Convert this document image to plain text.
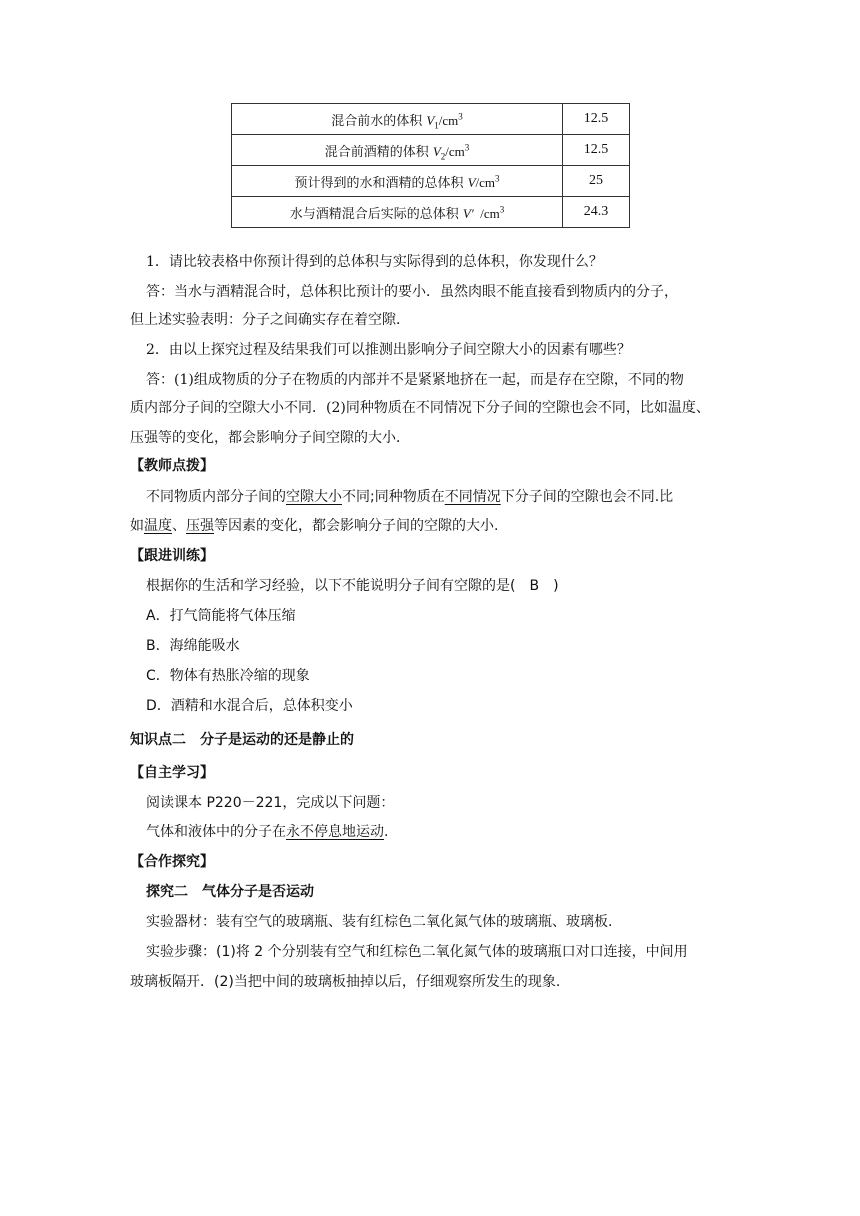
混合前水的体积 $V_1/cm^3$	12.5
混合前酒精的体积 $V_2/cm^3$	12.5
预计得到的水和酒精的总体积 $V/cm^3$	25
水与酒精混合后实际的总体积 V′  $/cm^3$	24.3
1．请比较表格中你预计得到的总体积与实际得到的总体积，你发现什么？
答：当水与酒精混合时，总体积比预计的要小．虽然肉眼不能直接看到物质内的分子，
但上述实验表明：分子之间确实存在着空隙．
2．由以上探究过程及结果我们可以推测出影响分子间空隙大小的因素有哪些？
答：(1)组成物质的分子在物质的内部并不是紧紧地挤在一起，而是存在空隙，不同的物
质内部分子间的空隙大小不同．(2)同种物质在不同情况下分子间的空隙也会不同，比如温度、
压强等的变化，都会影响分子间空隙的大小．
【教师点拨】
不同物质内部分子间的空隙大小不同;同种物质在不同情况下分子间的空隙也会不同.比
如温度、压强等因素的变化，都会影响分子间的空隙的大小.
【跟进训练】
根据你的生活和学习经验，以下不能说明分子间有空隙的是(　B　)
A．打气筒能将气体压缩
B．海绵能吸水
C．物体有热胀冷缩的现象
D．酒精和水混合后，总体积变小
知识点二　分子是运动的还是静止的
【自主学习】
阅读课本 P220－221，完成以下问题：
气体和液体中的分子在永不停息地运动.
【合作探究】
探究二　气体分子是否运动
实验器材：装有空气的玻璃瓶、装有红棕色二氧化氮气体的玻璃瓶、玻璃板.
实验步骤：(1)将 2 个分别装有空气和红棕色二氧化氮气体的玻璃瓶口对口连接，中间用
玻璃板隔开．(2)当把中间的玻璃板抽掉以后，仔细观察所发生的现象.
